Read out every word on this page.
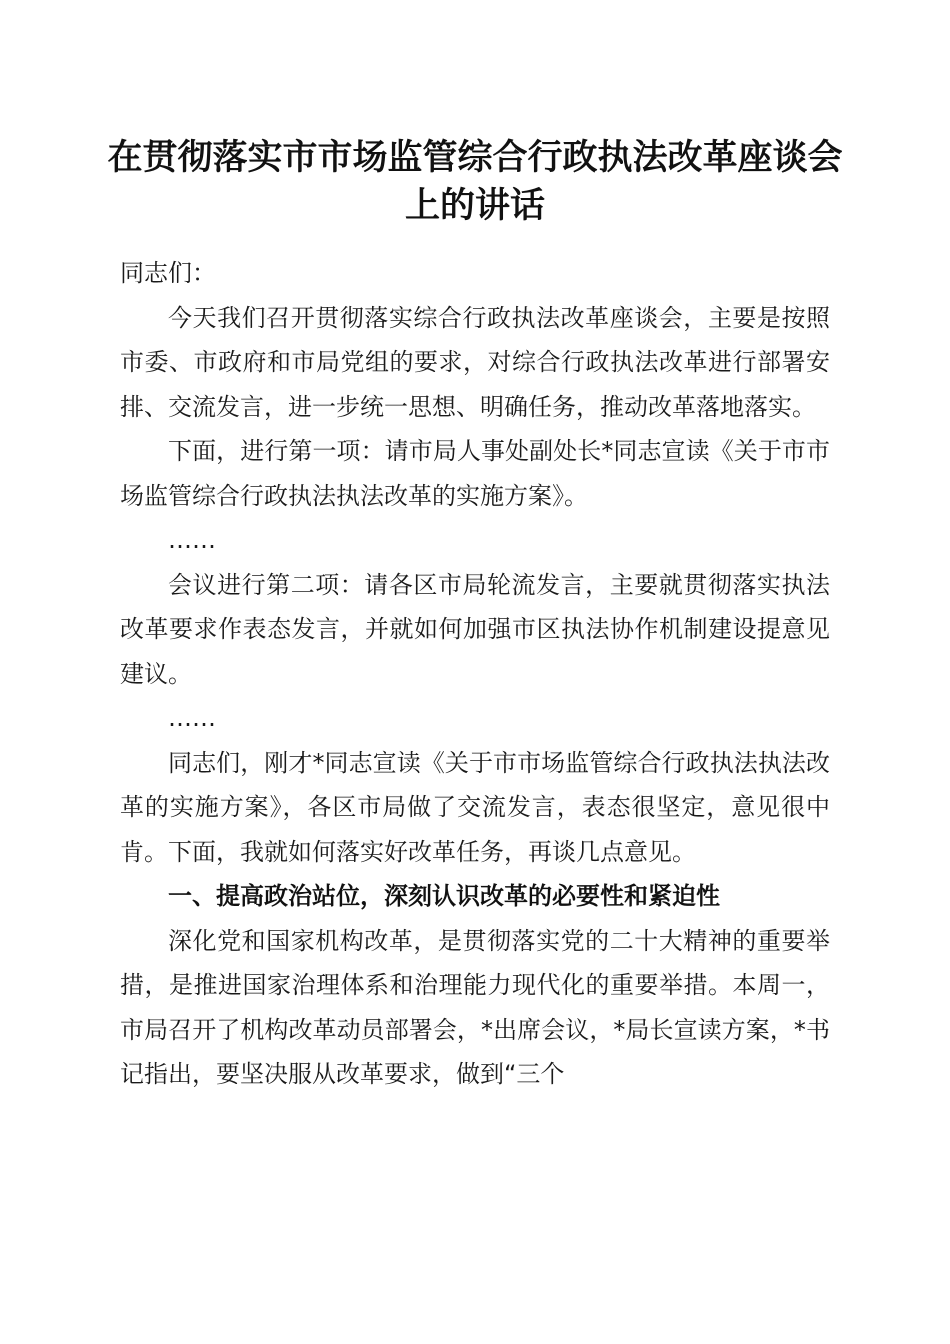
在贯彻落实市市场监管综合行政执法改革座谈会上的讲话

同志们：

今天我们召开贯彻落实综合行政执法改革座谈会，主要是按照市委、市政府和市局党组的要求，对综合行政执法改革进行部署安排、交流发言，进一步统一思想、明确任务，推动改革落地落实。

下面，进行第一项：请市局人事处副处长*同志宣读《关于市市场监管综合行政执法执法改革的实施方案》。

……

会议进行第二项：请各区市局轮流发言，主要就贯彻落实执法改革要求作表态发言，并就如何加强市区执法协作机制建设提意见建议。

……

同志们，刚才*同志宣读《关于市市场监管综合行政执法执法改革的实施方案》，各区市局做了交流发言，表态很坚定，意见很中肯。下面，我就如何落实好改革任务，再谈几点意见。

一、提高政治站位，深刻认识改革的必要性和紧迫性

深化党和国家机构改革，是贯彻落实党的二十大精神的重要举措，是推进国家治理体系和治理能力现代化的重要举措。本周一，市局召开了机构改革动员部署会，*出席会议，*局长宣读方案，*书记指出，要坚决服从改革要求，做到“三个
